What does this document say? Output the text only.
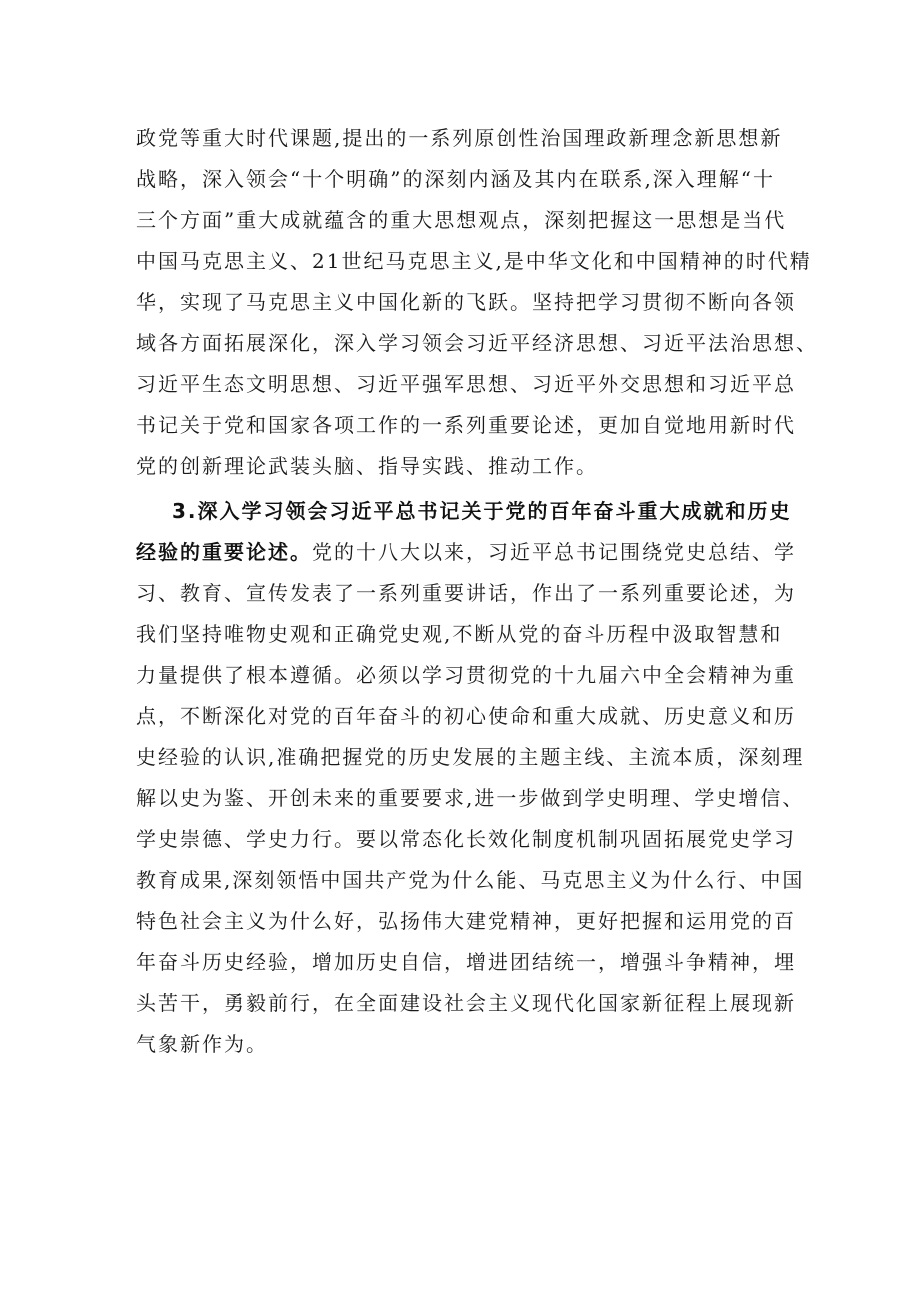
政党等重大时代课题,提出的一系列原创性治国理政新理念新思想新

战略，深入领会“十个明确”的深刻内涵及其内在联系,深入理解“十

三个方面”重大成就蕴含的重大思想观点，深刻把握这一思想是当代

中国马克思主义、21世纪马克思主义,是中华文化和中国精神的时代精

华，实现了马克思主义中国化新的飞跃。坚持把学习贯彻不断向各领

域各方面拓展深化，深入学习领会习近平经济思想、习近平法治思想、

习近平生态文明思想、习近平强军思想、习近平外交思想和习近平总

书记关于党和国家各项工作的一系列重要论述，更加自觉地用新时代

党的创新理论武装头脑、指导实践、推动工作。

3.深入学习领会习近平总书记关于党的百年奋斗重大成就和历史

经验的重要论述。党的十八大以来，习近平总书记围绕党史总结、学

习、教育、宣传发表了一系列重要讲话，作出了一系列重要论述，为

我们坚持唯物史观和正确党史观,不断从党的奋斗历程中汲取智慧和

力量提供了根本遵循。必须以学习贯彻党的十九届六中全会精神为重

点，不断深化对党的百年奋斗的初心使命和重大成就、历史意义和历

史经验的认识,准确把握党的历史发展的主题主线、主流本质，深刻理

解以史为鉴、开创未来的重要要求,进一步做到学史明理、学史增信、

学史崇德、学史力行。要以常态化长效化制度机制巩固拓展党史学习

教育成果,深刻领悟中国共产党为什么能、马克思主义为什么行、中国

特色社会主义为什么好，弘扬伟大建党精神，更好把握和运用党的百

年奋斗历史经验，增加历史自信，增进团结统一，增强斗争精神，埋

头苦干，勇毅前行，在全面建设社会主义现代化国家新征程上展现新

气象新作为。
